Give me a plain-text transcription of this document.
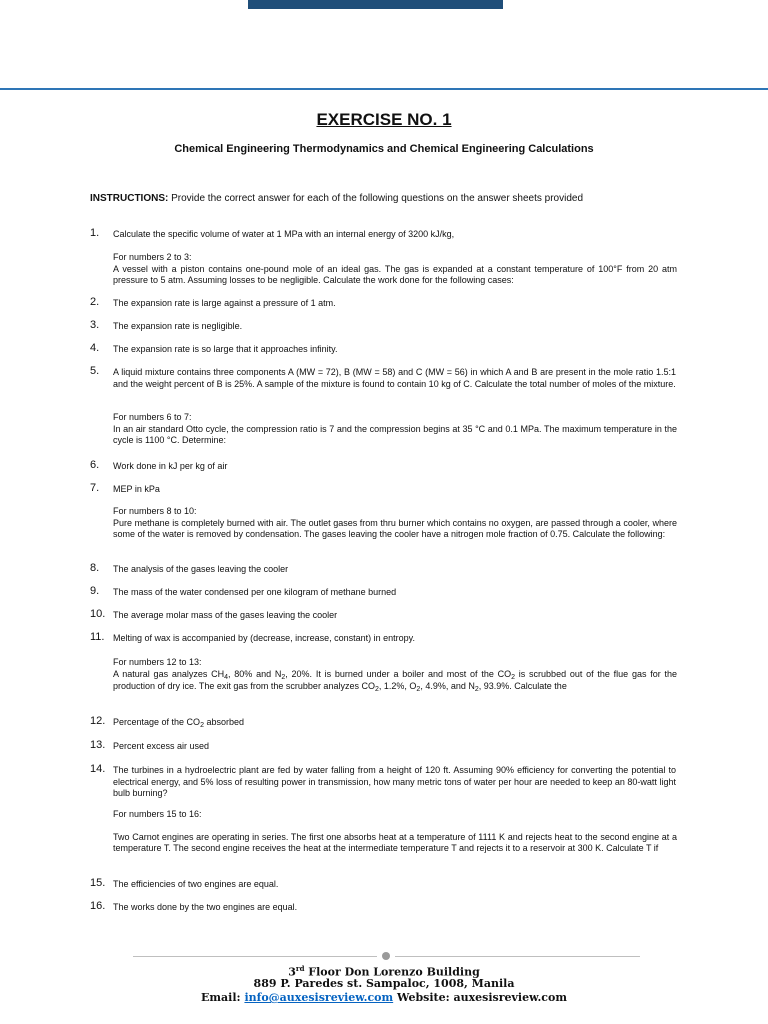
EXERCISE NO. 1
Chemical Engineering Thermodynamics and Chemical Engineering Calculations
INSTRUCTIONS: Provide the correct answer for each of the following questions on the answer sheets provided
1. Calculate the specific volume of water at 1 MPa with an internal energy of 3200 kJ/kg,
For numbers 2 to 3:
A vessel with a piston contains one-pound mole of an ideal gas. The gas is expanded at a constant temperature of 100°F from 20 atm pressure to 5 atm. Assuming losses to be negligible. Calculate the work done for the following cases:
2. The expansion rate is large against a pressure of 1 atm.
3. The expansion rate is negligible.
4. The expansion rate is so large that it approaches infinity.
5. A liquid mixture contains three components A (MW = 72), B (MW = 58) and C (MW = 56) in which A and B are present in the mole ratio 1.5:1 and the weight percent of B is 25%. A sample of the mixture is found to contain 10 kg of C. Calculate the total number of moles of the mixture.
For numbers 6 to 7:
In an air standard Otto cycle, the compression ratio is 7 and the compression begins at 35 °C and 0.1 MPa. The maximum temperature in the cycle is 1100 °C. Determine:
6. Work done in kJ per kg of air
7. MEP in kPa
For numbers 8 to 10:
Pure methane is completely burned with air. The outlet gases from thru burner which contains no oxygen, are passed through a cooler, where some of the water is removed by condensation. The gases leaving the cooler have a nitrogen mole fraction of 0.75. Calculate the following:
8. The analysis of the gases leaving the cooler
9. The mass of the water condensed per one kilogram of methane burned
10. The average molar mass of the gases leaving the cooler
11. Melting of wax is accompanied by (decrease, increase, constant) in entropy.
For numbers 12 to 13:
A natural gas analyzes $CH_4$, 80% and $N_2$, 20%. It is burned under a boiler and most of the $CO_2$ is scrubbed out of the flue gas for the production of dry ice. The exit gas from the scrubber analyzes $CO_2$, 1.2%, $O_2$, 4.9%, and $N_2$, 93.9%. Calculate the
12. Percentage of the $CO_2$ absorbed
13. Percent excess air used
14. The turbines in a hydroelectric plant are fed by water falling from a height of 120 ft. Assuming 90% efficiency for converting the potential to electrical energy, and 5% loss of resulting power in transmission, how many metric tons of water per hour are needed to keep an 80-watt light bulb burning?
For numbers 15 to 16:
Two Carnot engines are operating in series. The first one absorbs heat at a temperature of 1111 K and rejects heat to the second engine at a temperature T. The second engine receives the heat at the intermediate temperature T and rejects it to a reservoir at 300 K. Calculate T if
15. The efficiencies of two engines are equal.
16. The works done by the two engines are equal.
3rd Floor Don Lorenzo Building
889 P. Paredes st. Sampaloc, 1008, Manila
Email: info@auxesisreview.com Website: auxesisreview.com
